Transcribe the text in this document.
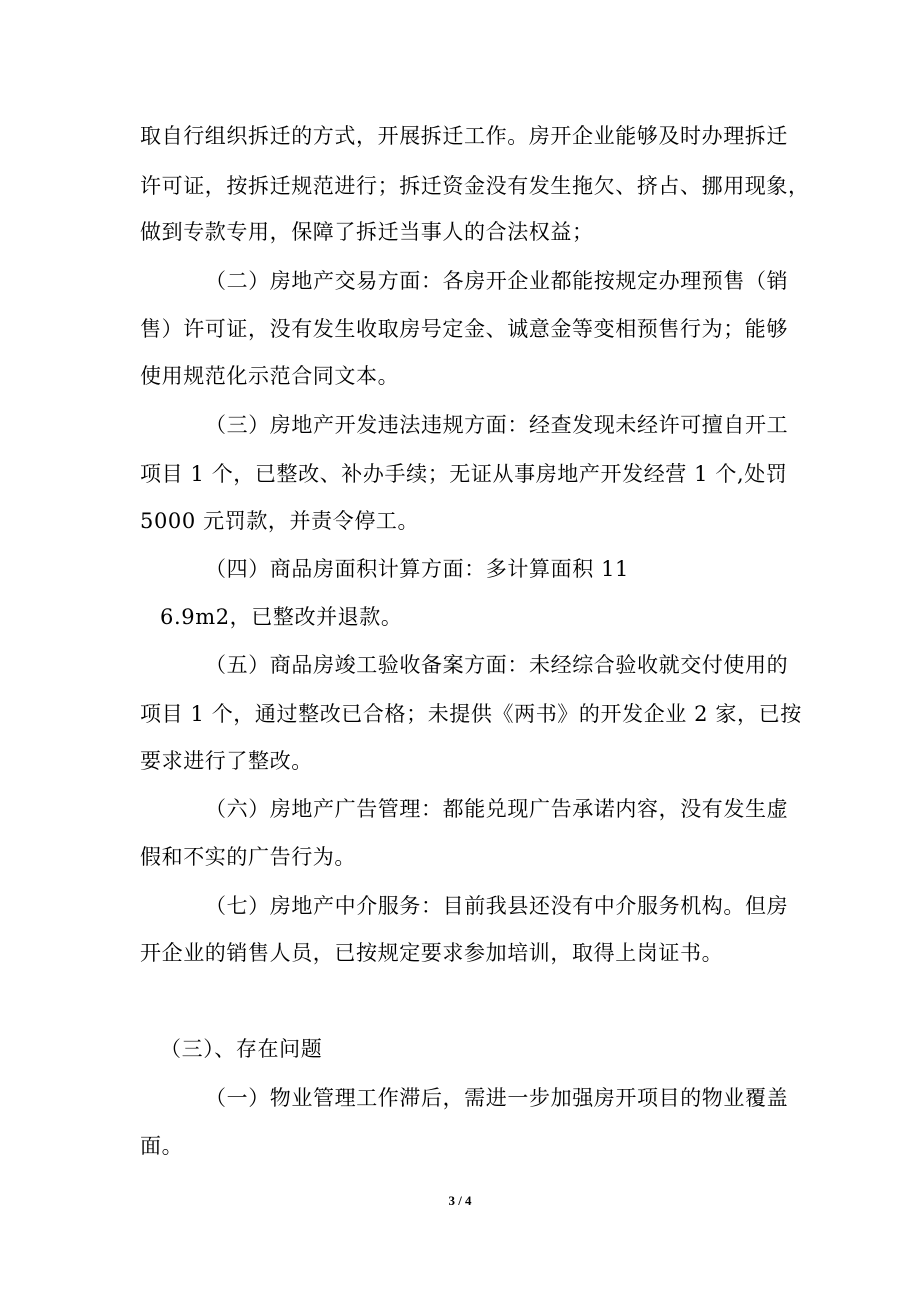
取自行组织拆迁的方式，开展拆迁工作。房开企业能够及时办理拆迁
许可证，按拆迁规范进行；拆迁资金没有发生拖欠、挤占、挪用现象，
做到专款专用，保障了拆迁当事人的合法权益；
（二）房地产交易方面：各房开企业都能按规定办理预售（销
售）许可证，没有发生收取房号定金、诚意金等变相预售行为；能够
使用规范化示范合同文本。
（三）房地产开发违法违规方面：经查发现未经许可擅自开工
项目 1 个，已整改、补办手续；无证从事房地产开发经营 1 个,处罚
5000 元罚款，并责令停工。
（四）商品房面积计算方面：多计算面积 11
6.9m2，已整改并退款。
（五）商品房竣工验收备案方面：未经综合验收就交付使用的
项目 1 个，通过整改已合格；未提供《两书》的开发企业 2 家，已按
要求进行了整改。
（六）房地产广告管理：都能兑现广告承诺内容，没有发生虚
假和不实的广告行为。
（七）房地产中介服务：目前我县还没有中介服务机构。但房
开企业的销售人员，已按规定要求参加培训，取得上岗证书。
（三）、存在问题
（一）物业管理工作滞后，需进一步加强房开项目的物业覆盖
面。
3 / 4
